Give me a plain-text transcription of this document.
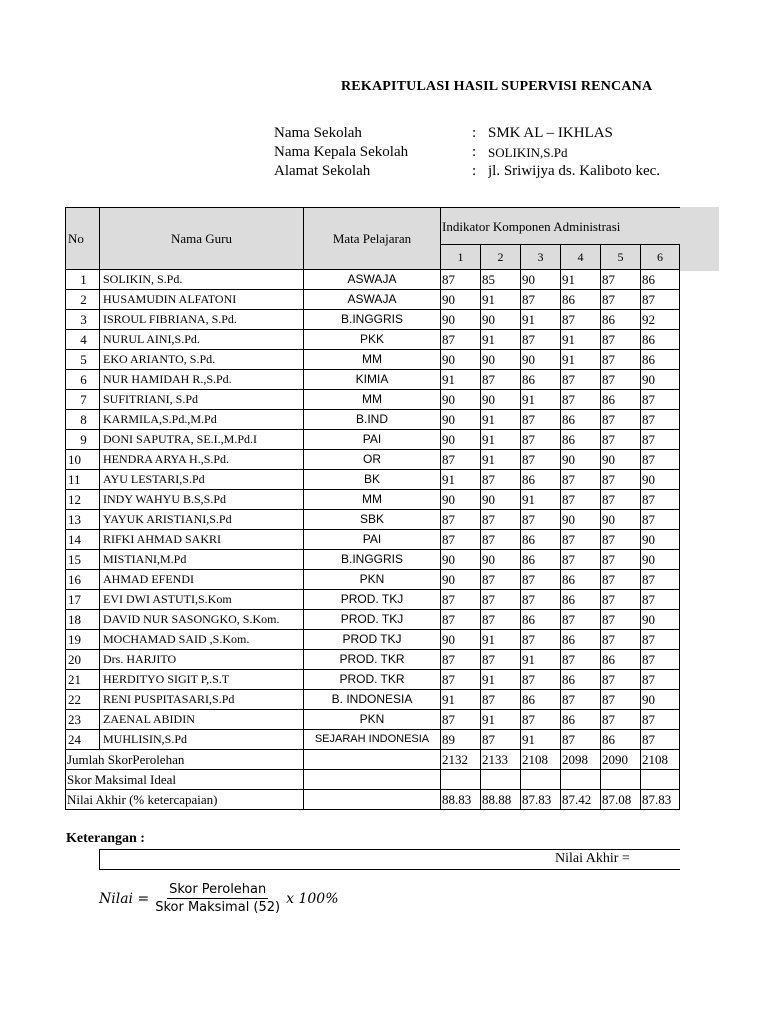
REKAPITULASI HASIL SUPERVISI RENCANA
Nama Sekolah	: SMK AL – IKHLAS
Nama Kepala Sekolah	: SOLIKIN,S.Pd
Alamat Sekolah	: jl. Sriwijya ds. Kaliboto kec.
No	Nama Guru	Mata Pelajaran	Indikator Komponen Administrasi					
			1	2	3	4	5	6
1	SOLIKIN, S.Pd.	ASWAJA	87	85	90	91	87	86
2	HUSAMUDIN ALFATONI	ASWAJA	90	91	87	86	87	87
3	ISROUL FIBRIANA, S.Pd.	B.INGGRIS	90	90	91	87	86	92
4	NURUL AINI,S.Pd.	PKK	87	91	87	91	87	86
5	EKO ARIANTO, S.Pd.	MM	90	90	90	91	87	86
6	NUR HAMIDAH R.,S.Pd.	KIMIA	91	87	86	87	87	90
7	SUFITRIANI, S.Pd	MM	90	90	91	87	86	87
8	KARMILA,S.Pd.,M.Pd	B.IND	90	91	87	86	87	87
9	DONI SAPUTRA, SE.I.,M.Pd.I	PAI	90	91	87	86	87	87
10	HENDRA ARYA H.,S.Pd.	OR	87	91	87	90	90	87
11	AYU LESTARI,S.Pd	BK	91	87	86	87	87	90
12	INDY WAHYU B.S,S.Pd	MM	90	90	91	87	87	87
13	YAYUK ARISTIANI,S.Pd	SBK	87	87	87	90	90	87
14	RIFKI AHMAD SAKRI	PAI	87	87	86	87	87	90
15	MISTIANI,M.Pd	B.INGGRIS	90	90	86	87	87	90
16	AHMAD EFENDI	PKN	90	87	87	86	87	87
17	EVI DWI ASTUTI,S.Kom	PROD. TKJ	87	87	87	86	87	87
18	DAVID NUR SASONGKO, S.Kom.	PROD. TKJ	87	87	86	87	87	90
19	MOCHAMAD SAID ,S.Kom.	PROD TKJ	90	91	87	86	87	87
20	Drs. HARJITO	PROD. TKR	87	87	91	87	86	87
21	HERDITYO SIGIT P,.S.T	PROD. TKR	87	91	87	86	87	87
22	RENI PUSPITASARI,S.Pd	B. INDONESIA	91	87	86	87	87	90
23	ZAENAL ABIDIN	PKN	87	91	87	86	87	87
24	MUHLISIN,S.Pd	SEJARAH INDONESIA	89	87	91	87	86	87
Jumlah SkorPerolehan			2132	2133	2108	2098	2090	2108
Skor Maksimal Ideal								
Nilai Akhir (% ketercapaian)			88.83	88.88	87.83	87.42	87.08	87.83
Keterangan :
Nilai Akhir =
Nilai = $\frac{\text{Skor Perolehan}}{\text{Skor Maksimal (52)}}$ x 100%
